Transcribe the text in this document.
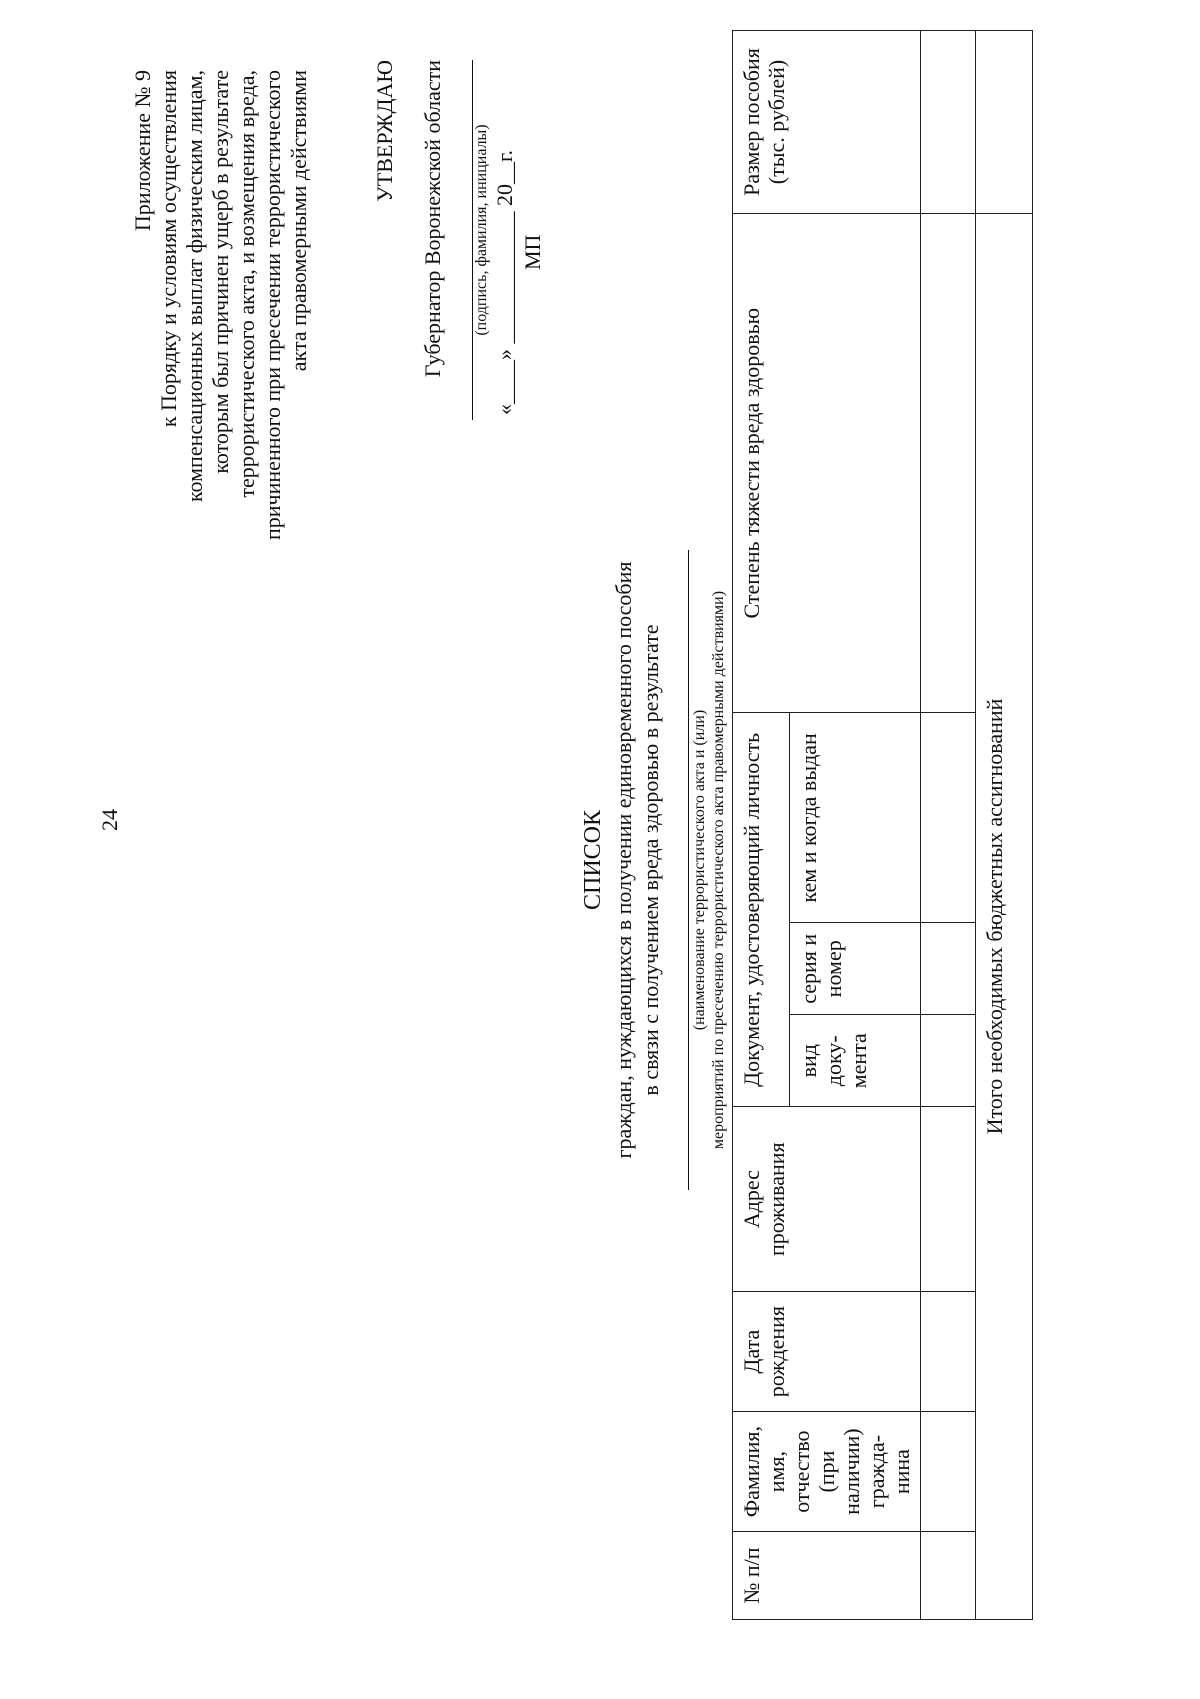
24
Приложение № 9 к Порядку и условиям осуществления компенсационных выплат физическим лицам, которым был причинен ущерб в результате террористического акта, и возмещения вреда, причиненного при пресечении террористического акта правомерными действиями	УТВЕРЖДАЮ Губернатор Воронежской области (подпись, фамилия, инициалы) «____» ____________ 20__г. МП
СПИСОК граждан, нуждающихся в получении единовременного пособия в связи с получением вреда здоровью в результате (наименование террористического акта и (или) мероприятий по пресечению террористического акта правомерными действиями)
№ п/п	Фамилия, имя, отчество (при наличии) гражда-нина	Дата рождения	Адрес проживания	Документ, удостоверяющий личность			Степень тяжести вреда здоровью	Размер пособия (тыс. рублей)
				вид доку-мента	серия и номер	кем и когда выдан		

Итого необходимых бюджетных ассигнований								
